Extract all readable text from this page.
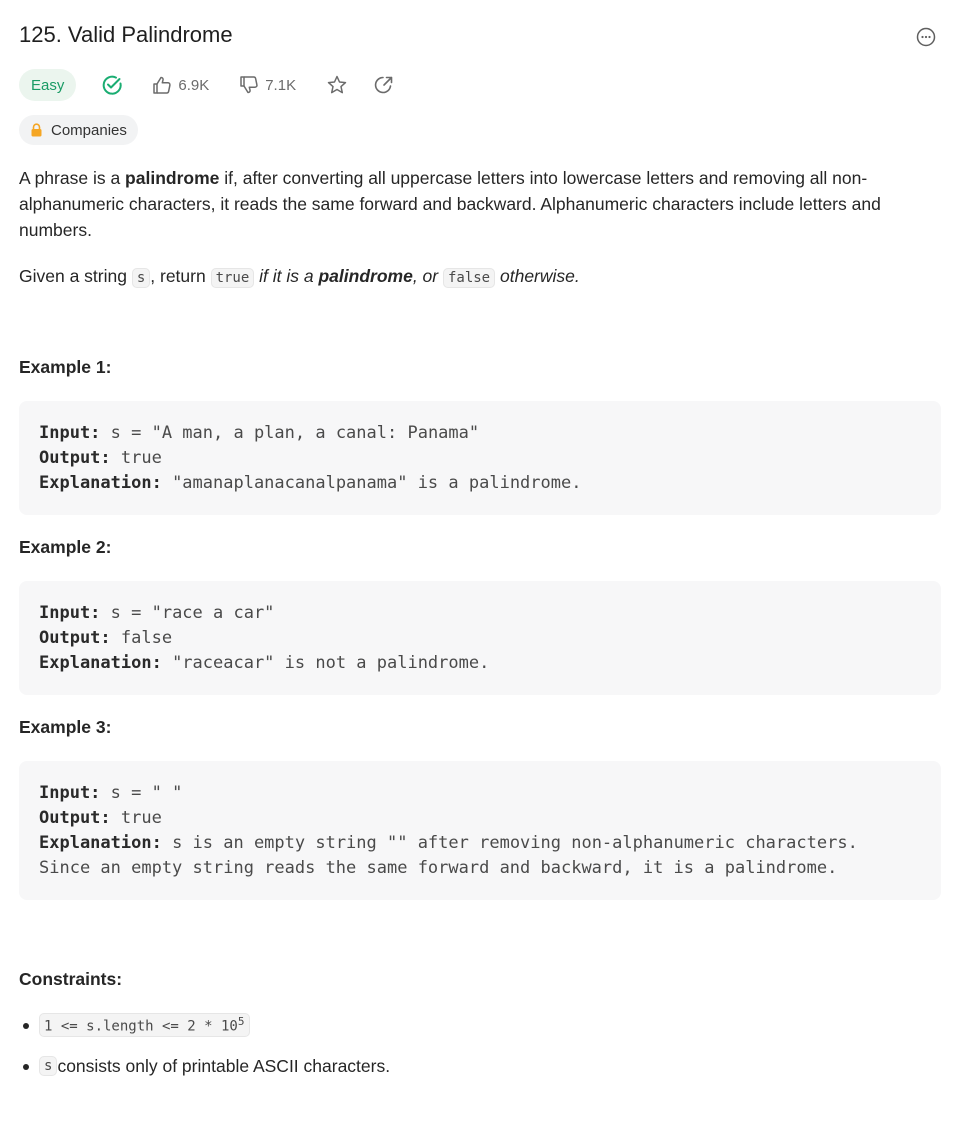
125. Valid Palindrome
Easy	6.9K	7.1K
Companies

A phrase is a palindrome if, after converting all uppercase letters into lowercase letters and removing all non-alphanumeric characters, it reads the same forward and backward. Alphanumeric characters include letters and numbers.

Given a string s , return true if it is a palindrome, or false otherwise.

Example 1:
Input: s = "A man, a plan, a canal: Panama"
Output: true
Explanation: "amanaplanacanalpanama" is a palindrome.
Example 2:
Input: s = "race a car"
Output: false
Explanation: "raceacar" is not a palindrome.
Example 3:
Input: s = " "
Output: true
Explanation: s is an empty string "" after removing non-alphanumeric characters.
Since an empty string reads the same forward and backward, it is a palindrome.
Constraints:
1 <= s.length <= $2 * 10^5$
s consists only of printable ASCII characters.
